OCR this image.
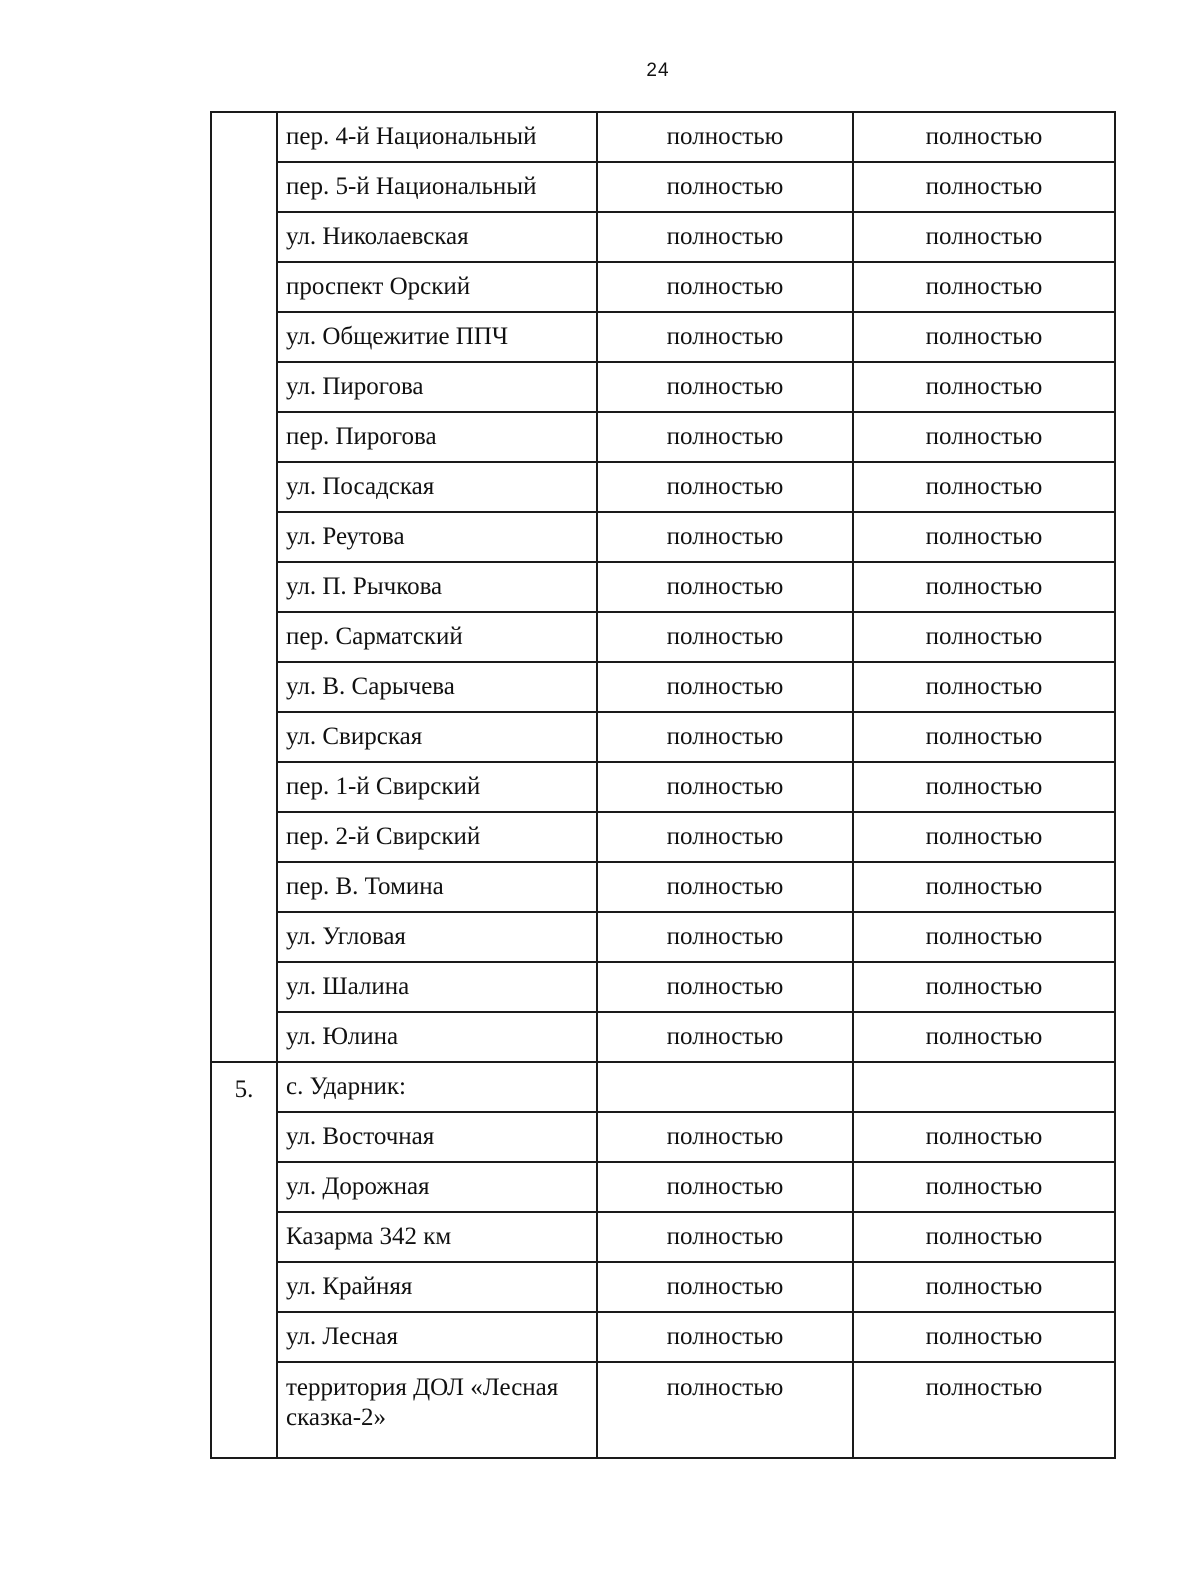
24
	пер. 4-й Национальный	полностью	полностью
	пер. 5-й Национальный	полностью	полностью
	ул. Николаевская	полностью	полностью
	проспект Орский	полностью	полностью
	ул. Общежитие ППЧ	полностью	полностью
	ул. Пирогова	полностью	полностью
	пер. Пирогова	полностью	полностью
	ул. Посадская	полностью	полностью
	ул. Реутова	полностью	полностью
	ул. П. Рычкова	полностью	полностью
	пер. Сарматский	полностью	полностью
	ул. В. Сарычева	полностью	полностью
	ул. Свирская	полностью	полностью
	пер. 1-й Свирский	полностью	полностью
	пер. 2-й Свирский	полностью	полностью
	пер. В. Томина	полностью	полностью
	ул. Угловая	полностью	полностью
	ул. Шалина	полностью	полностью
	ул. Юлина	полностью	полностью
5.	с. Ударник:		
	ул. Восточная	полностью	полностью
	ул. Дорожная	полностью	полностью
	Казарма 342 км	полностью	полностью
	ул. Крайняя	полностью	полностью
	ул. Лесная	полностью	полностью
	территория ДОЛ «Лесная сказка-2»	полностью	полностью
